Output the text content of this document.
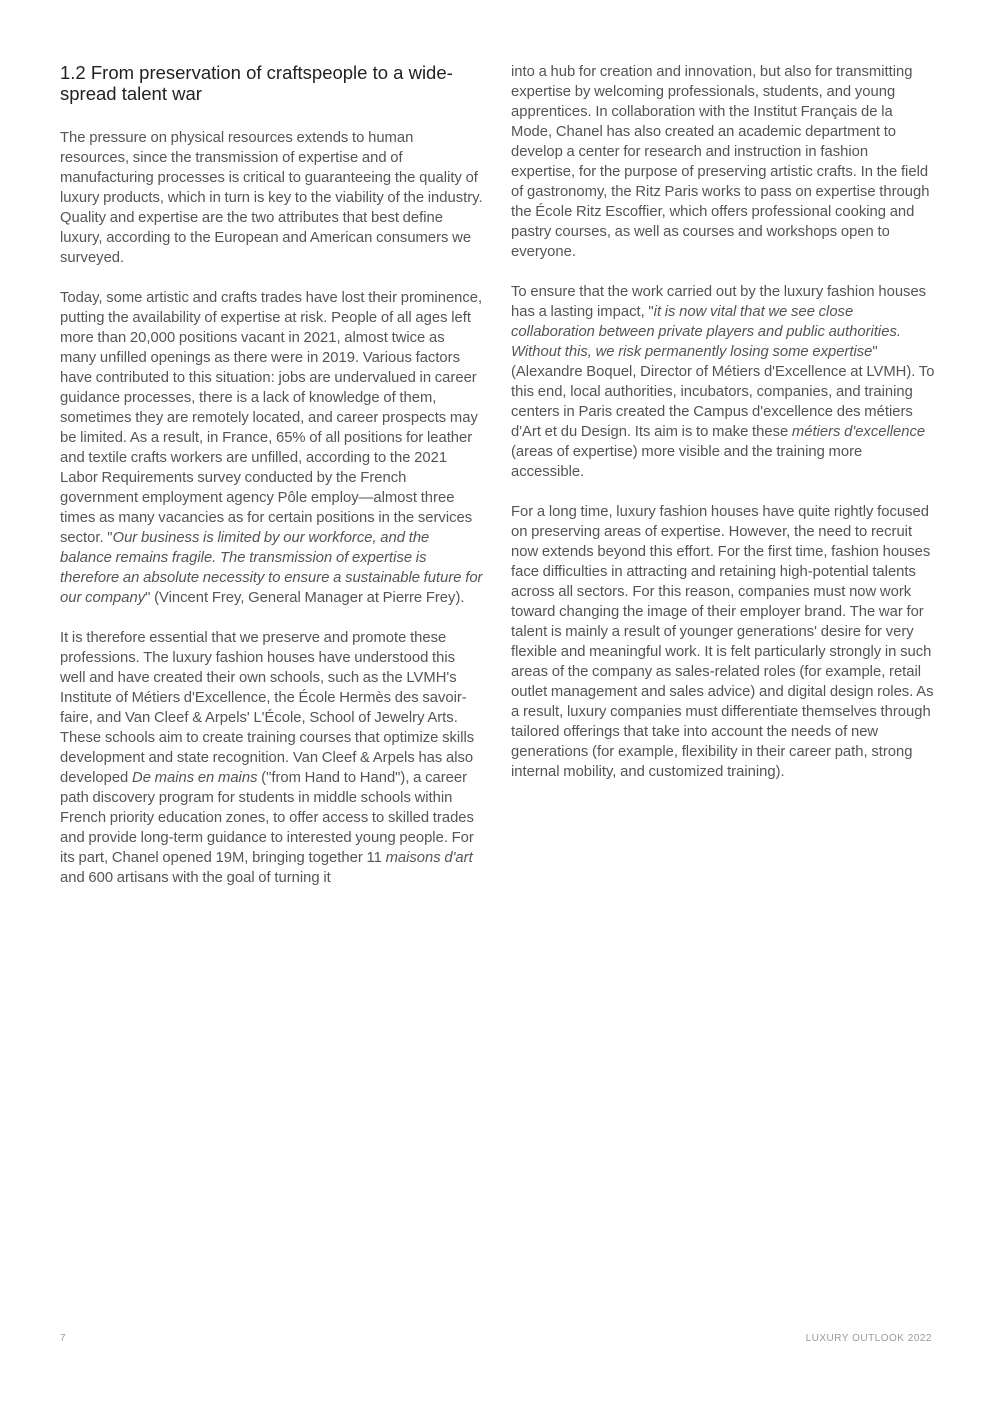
1.2 From preservation of craftspeople to a wide-spread talent war

The pressure on physical resources extends to human resources, since the transmission of expertise and of manufacturing processes is critical to guaranteeing the quality of luxury products, which in turn is key to the viability of the industry. Quality and expertise are the two attributes that best define luxury, according to the European and American consumers we surveyed.

Today, some artistic and crafts trades have lost their prominence, putting the availability of expertise at risk. People of all ages left more than 20,000 positions vacant in 2021, almost twice as many unfilled openings as there were in 2019. Various factors have contributed to this situation: jobs are undervalued in career guidance processes, there is a lack of knowledge of them, sometimes they are remotely located, and career prospects may be limited. As a result, in France, 65% of all positions for leather and textile crafts workers are unfilled, according to the 2021 Labor Requirements survey conducted by the French government employment agency Pôle employ—almost three times as many vacancies as for certain positions in the services sector. "Our business is limited by our workforce, and the balance remains fragile. The transmission of expertise is therefore an absolute necessity to ensure a sustainable future for our company" (Vincent Frey, General Manager at Pierre Frey).

It is therefore essential that we preserve and promote these professions. The luxury fashion houses have understood this well and have created their own schools, such as the LVMH's Institute of Métiers d'Excellence, the École Hermès des savoir-faire, and Van Cleef & Arpels' L'École, School of Jewelry Arts. These schools aim to create training courses that optimize skills development and state recognition. Van Cleef & Arpels has also developed De mains en mains ("from Hand to Hand"), a career path discovery program for students in middle schools within French priority education zones, to offer access to skilled trades and provide long-term guidance to interested young people. For its part, Chanel opened 19M, bringing together 11 maisons d'art and 600 artisans with the goal of turning it

into a hub for creation and innovation, but also for transmitting expertise by welcoming professionals, students, and young apprentices. In collaboration with the Institut Français de la Mode, Chanel has also created an academic department to develop a center for research and instruction in fashion expertise, for the purpose of preserving artistic crafts. In the field of gastronomy, the Ritz Paris works to pass on expertise through the École Ritz Escoffier, which offers professional cooking and pastry courses, as well as courses and workshops open to everyone.

To ensure that the work carried out by the luxury fashion houses has a lasting impact, "it is now vital that we see close collaboration between private players and public authorities. Without this, we risk permanently losing some expertise" (Alexandre Boquel, Director of Métiers d'Excellence at LVMH). To this end, local authorities, incubators, companies, and training centers in Paris created the Campus d'excellence des métiers d'Art et du Design. Its aim is to make these métiers d'excellence (areas of expertise) more visible and the training more accessible.

For a long time, luxury fashion houses have quite rightly focused on preserving areas of expertise. However, the need to recruit now extends beyond this effort. For the first time, fashion houses face difficulties in attracting and retaining high-potential talents across all sectors. For this reason, companies must now work toward changing the image of their employer brand. The war for talent is mainly a result of younger generations' desire for very flexible and meaningful work. It is felt particularly strongly in such areas of the company as sales-related roles (for example, retail outlet management and sales advice) and digital design roles. As a result, luxury companies must differentiate themselves through tailored offerings that take into account the needs of new generations (for example, flexibility in their career path, strong internal mobility, and customized training).

7	LUXURY OUTLOOK 2022
